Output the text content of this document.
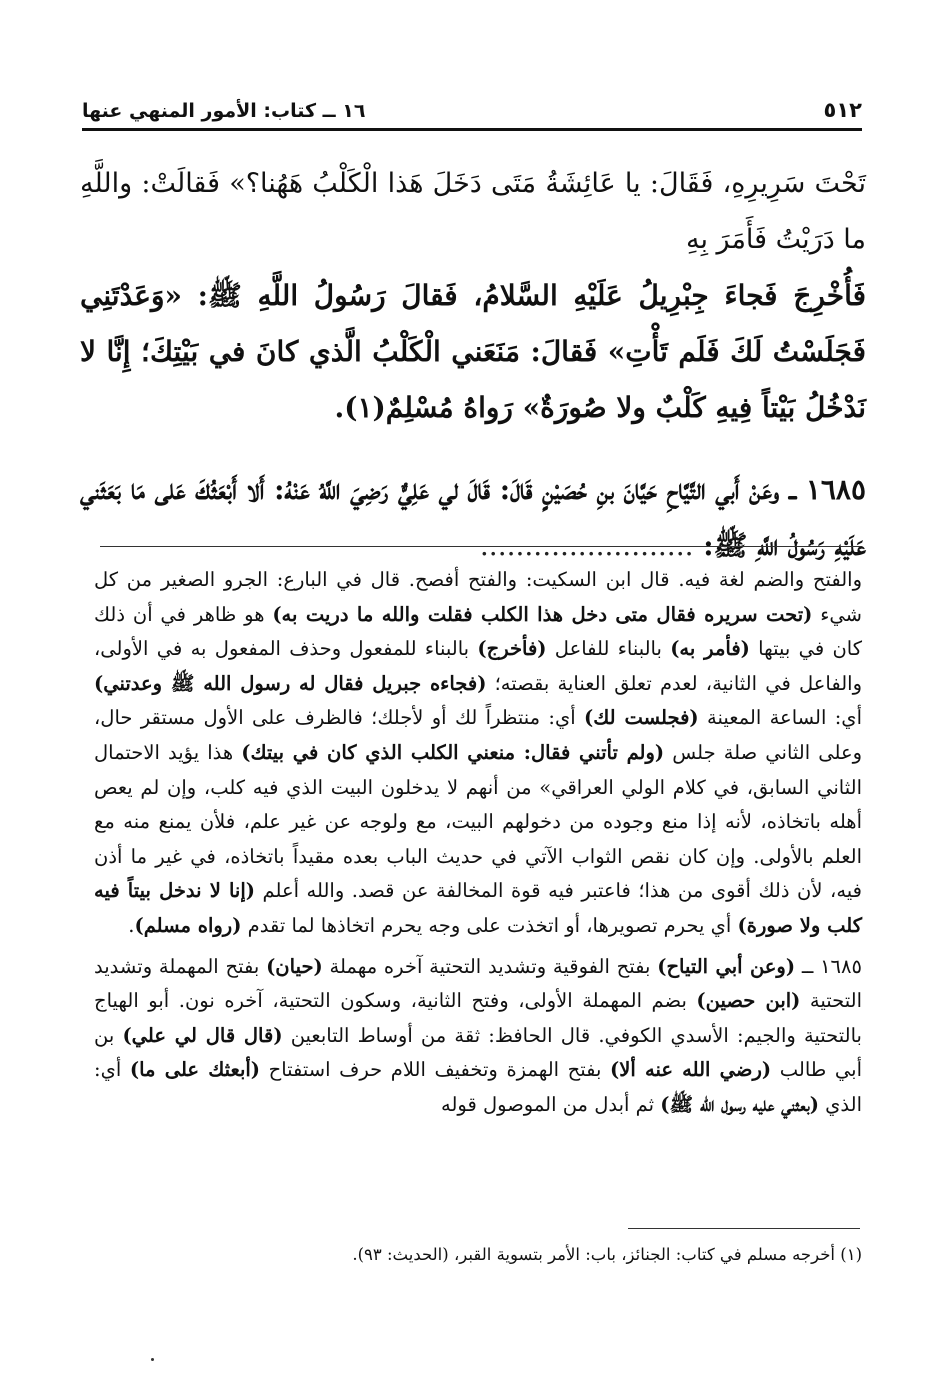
٥١٢
١٦ ــ كتاب: الأمور المنهي عنها

تَحْتَ سَرِيرِهِ، فَقَالَ: يا عَائِشَةُ مَتَى دَخَلَ هَذا الْكَلْبُ هَهُنا؟» فَقالَتْ: واللَّهِ ما دَرَيْتُ فَأَمَرَ بِهِ

فَأُخْرِجَ فَجاءَ جِبْرِيلُ عَلَيْهِ السَّلامُ، فَقالَ رَسُولُ اللَّهِ ﷺ: «وَعَدْتَنِي فَجَلَسْتُ لَكَ فَلَم تَأْتِ» فَقالَ: مَنَعَني الْكَلْبُ الَّذي كانَ في بَيْتِكَ؛ إِنَّا لا نَدْخُلُ بَيْتاً فِيهِ كَلْبٌ ولا صُورَةٌ» رَواهُ مُسْلِمٌ(١).

١٦٨٥ ــ وعَنْ أَبي التَّيَّاحِ حَيَّانَ بنِ حُصَيْنٍ قَالَ: قَالَ لي عَلِيٌّ رَضِيَ اللَّهُ عَنْهُ: أَلا أَبْعَثُكَ عَلى مَا بَعَثَني عَلَيْهِ رَسُولُ اللَّهِ ﷺ: ........................

والفتح والضم لغة فيه. قال ابن السكيت: والفتح أفصح. قال في البارع: الجرو الصغير من كل شيء (تحت سريره فقال متى دخل هذا الكلب فقلت والله ما دريت به) هو ظاهر في أن ذلك كان في بيتها (فأمر به) بالبناء للفاعل (فأخرج) بالبناء للمفعول وحذف المفعول به في الأولى، والفاعل في الثانية، لعدم تعلق العناية بقصته؛ (فجاءه جبريل فقال له رسول الله ﷺ وعدتني) أي: الساعة المعينة (فجلست لك) أي: منتظراً لك أو لأجلك؛ فالظرف على الأول مستقر حال، وعلى الثاني صلة جلس (ولم تأتني فقال: منعني الكلب الذي كان في بيتك) هذا يؤيد الاحتمال الثاني السابق، في كلام الولي العراقي» من أنهم لا يدخلون البيت الذي فيه كلب، وإن لم يعص أهله باتخاذه، لأنه إذا منع وجوده من دخولهم البيت، مع ولوجه عن غير علم، فلأن يمنع منه مع العلم بالأولى. وإن كان نقص الثواب الآتي في حديث الباب بعده مقيداً باتخاذه، في غير ما أذن فيه، لأن ذلك أقوى من هذا؛ فاعتبر فيه قوة المخالفة عن قصد. والله أعلم (إنا لا ندخل بيتاً فيه كلب ولا صورة) أي يحرم تصويرها، أو اتخذت على وجه يحرم اتخاذها لما تقدم (رواه مسلم).

١٦٨٥ ــ (وعن أبي التياح) بفتح الفوقية وتشديد التحتية آخره مهملة (حيان) بفتح المهملة وتشديد التحتية (ابن حصين) بضم المهملة الأولى، وفتح الثانية، وسكون التحتية، آخره نون. أبو الهياج بالتحتية والجيم: الأسدي الكوفي. قال الحافظ: ثقة من أوساط التابعين (قال قال لي علي) بن أبي طالب (رضي الله عنه ألا) بفتح الهمزة وتخفيف اللام حرف استفتاح (أبعثك على ما) أي: الذي (بعثني عليه رسول الله ﷺ) ثم أبدل من الموصول قوله

(١) أخرجه مسلم في كتاب: الجنائز، باب: الأمر بتسوية القبر، (الحديث: ٩٣).
